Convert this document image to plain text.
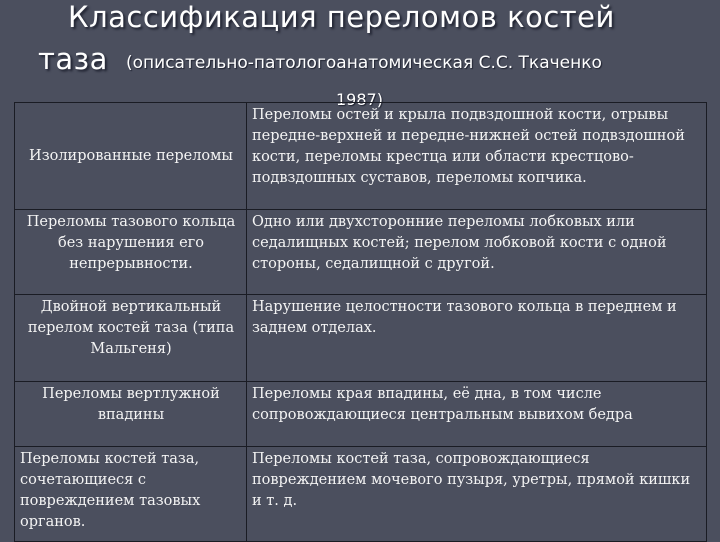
Классификация переломов костей
таза (описательно-патологоанатомическая С.С. Ткаченко
1987)
Изолированные переломы	Переломы остей и крыла подвздошной кости, отрывы передне-верхней и передне-нижней остей подвздошной кости, переломы крестца или области крестцово-подвздошных суставов, переломы копчика.
Переломы тазового кольца без нарушения его непрерывности.	Одно или двухсторонние переломы лобковых или седалищных костей; перелом лобковой кости с одной стороны, седалищной с другой.
Двойной вертикальный перелом костей таза (типа Мальгеня)	Нарушение целостности тазового кольца в переднем и заднем отделах.
Переломы вертлужной впадины	Переломы края впадины, её дна, в том числе сопровождающиеся центральным вывихом бедра
Переломы костей таза, сочетающиеся с повреждением тазовых органов.	Переломы костей таза, сопровождающиеся повреждением мочевого пузыря, уретры, прямой кишки и т. д.
